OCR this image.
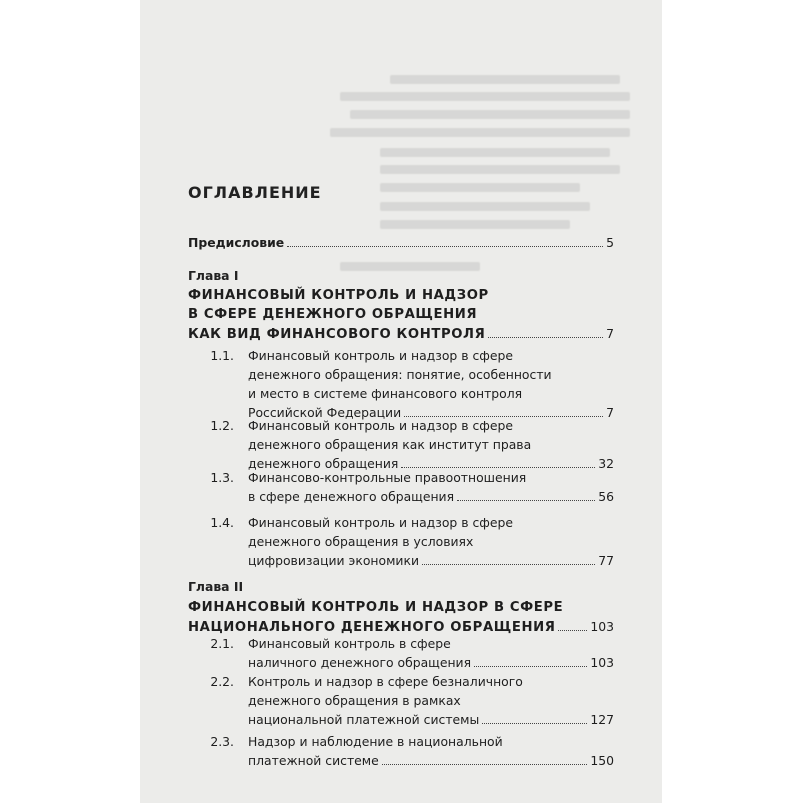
ОГЛАВЛЕНИЕ
Предисловие	5
Глава I
ФИНАНСОВЫЙ КОНТРОЛЬ И НАДЗОР
В СФЕРЕ ДЕНЕЖНОГО ОБРАЩЕНИЯ
КАК ВИД ФИНАНСОВОГО КОНТРОЛЯ	7
1.1. Финансовый контроль и надзор в сфере
денежного обращения: понятие, особенности
и место в системе финансового контроля
Российской Федерации	7
1.2. Финансовый контроль и надзор в сфере
денежного обращения как институт права
денежного обращения	32
1.3. Финансово-контрольные правоотношения
в сфере денежного обращения	56
1.4. Финансовый контроль и надзор в сфере
денежного обращения в условиях
цифровизации экономики	77
Глава II
ФИНАНСОВЫЙ КОНТРОЛЬ И НАДЗОР В СФЕРЕ
НАЦИОНАЛЬНОГО ДЕНЕЖНОГО ОБРАЩЕНИЯ	103
2.1. Финансовый контроль в сфере
наличного денежного обращения	103
2.2. Контроль и надзор в сфере безналичного
денежного обращения в рамках
национальной платежной системы	127
2.3. Надзор и наблюдение в национальной
платежной системе	150
